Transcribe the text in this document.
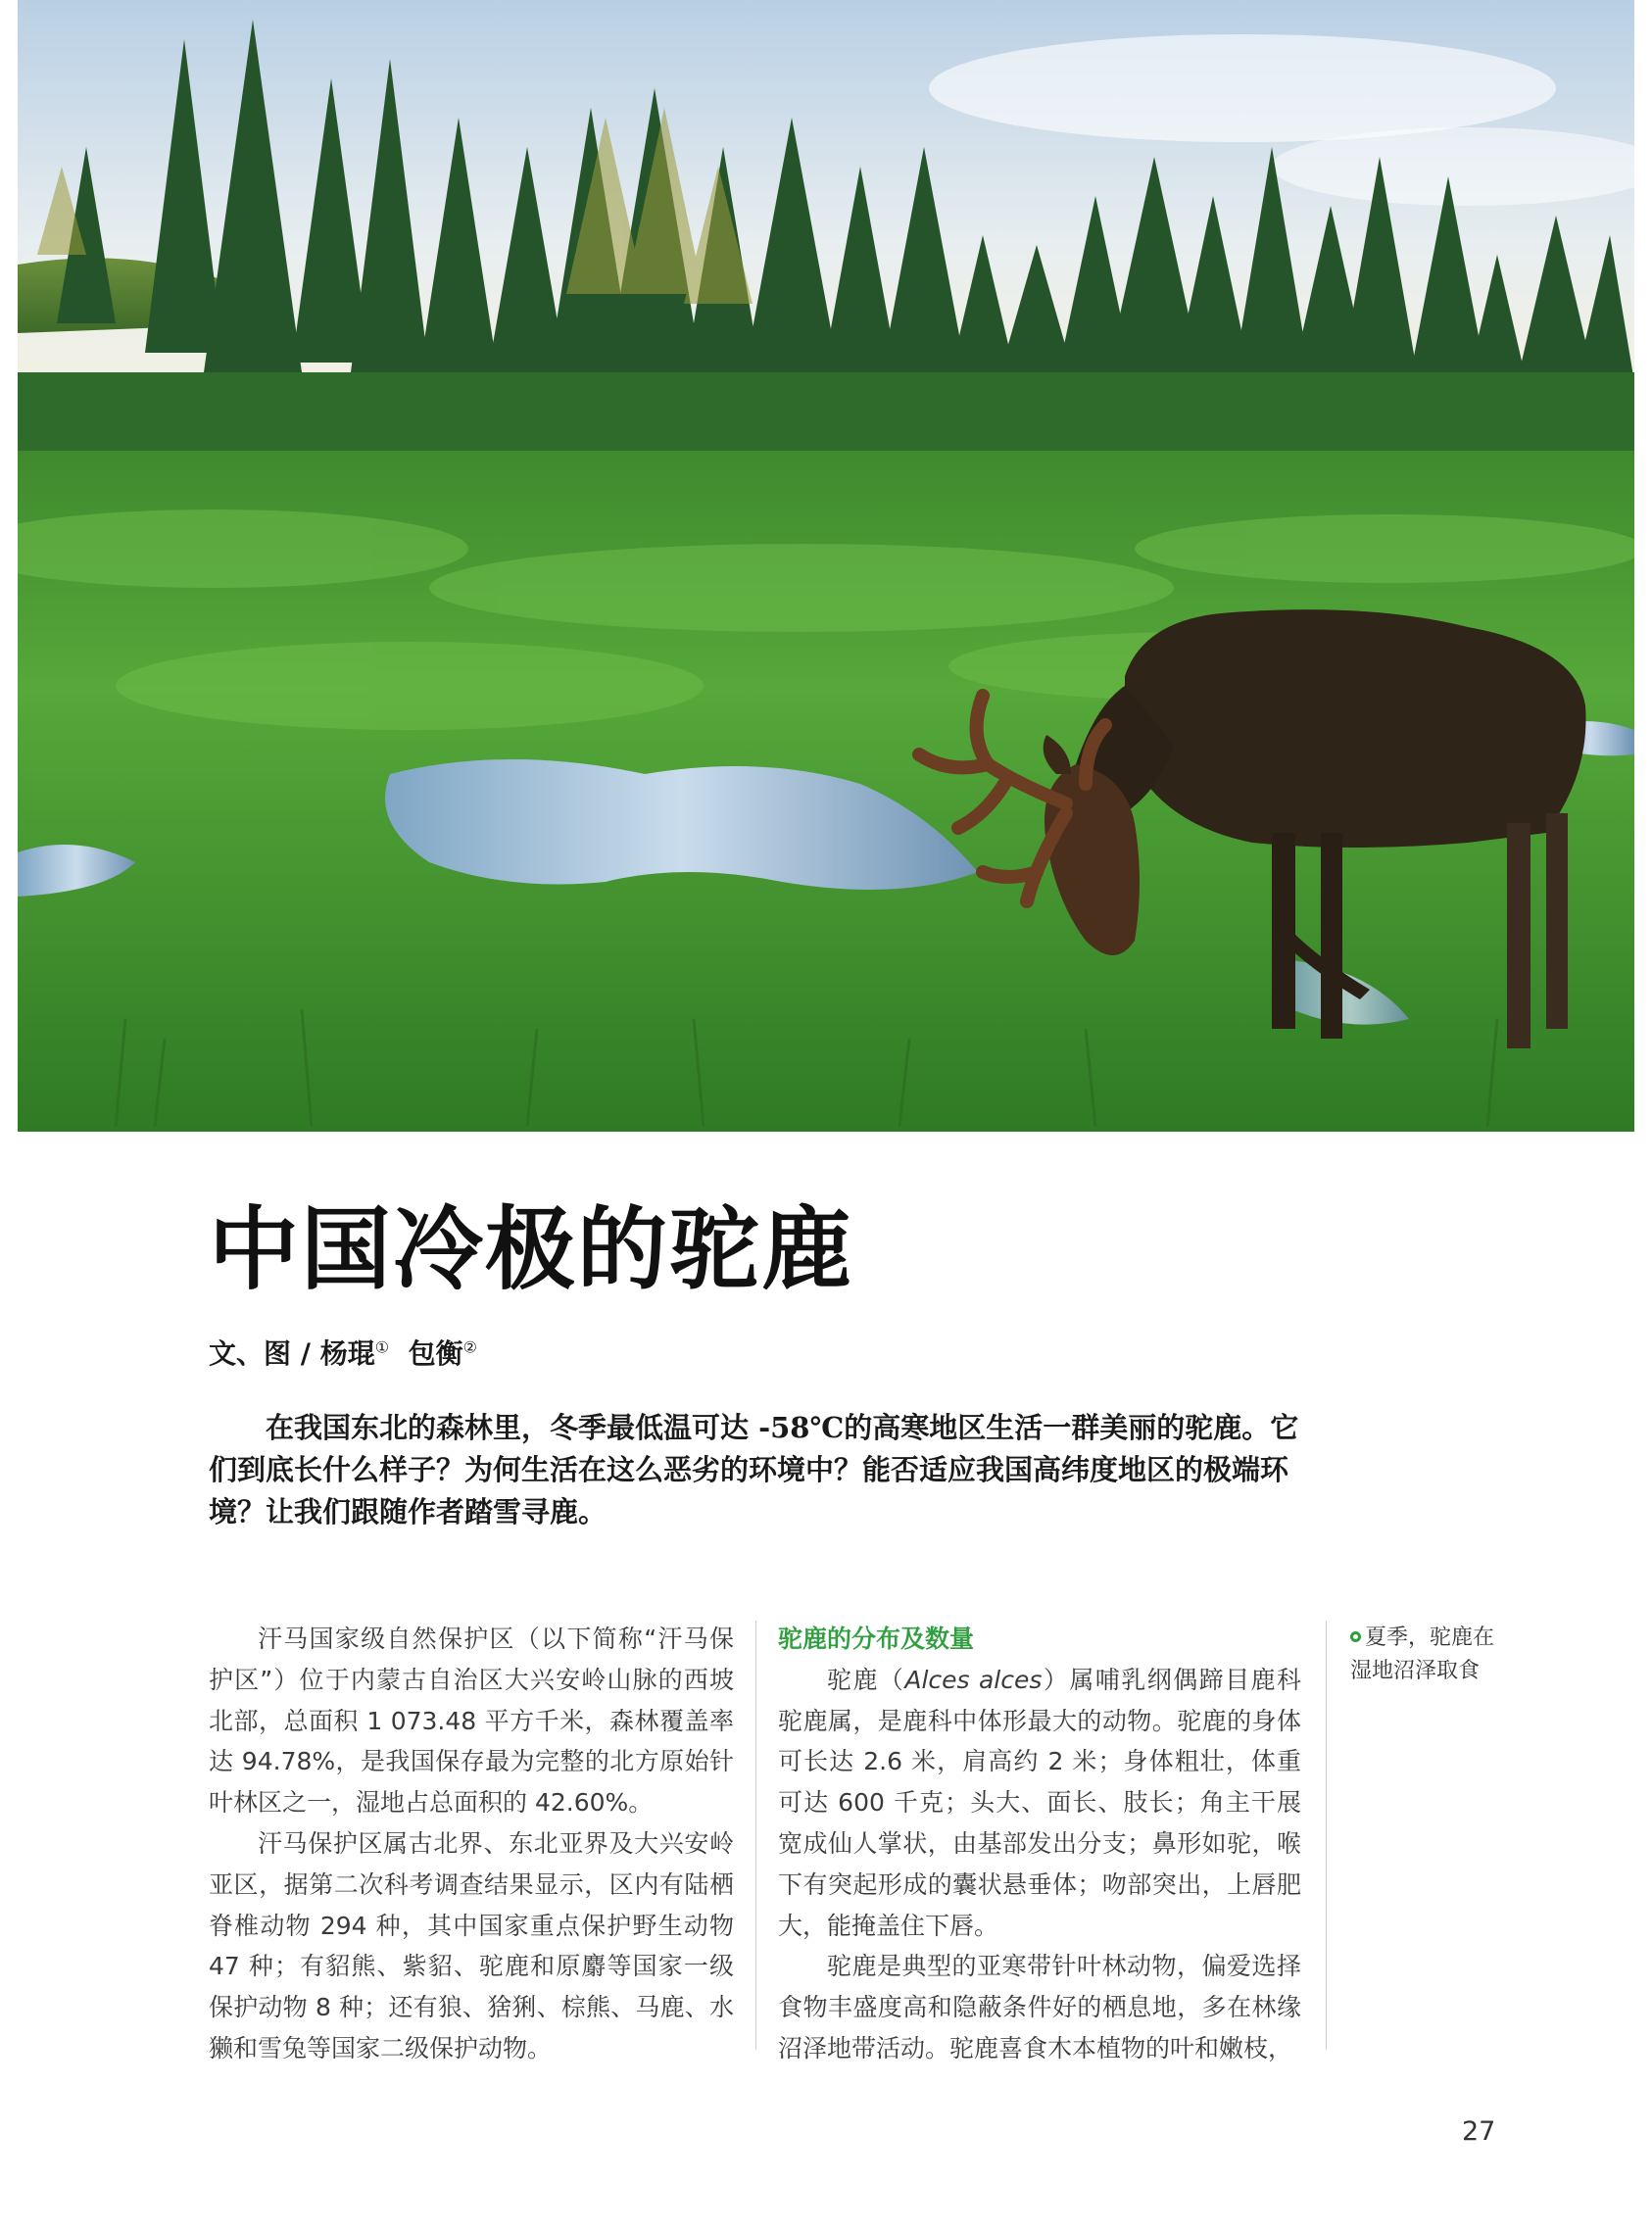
中国冷极的驼鹿
文、图 / 杨琨① 包衡②

在我国东北的森林里，冬季最低温可达 -58℃的高寒地区生活一群美丽的驼鹿。它们到底长什么样子？为何生活在这么恶劣的环境中？能否适应我国高纬度地区的极端环境？让我们跟随作者踏雪寻鹿。

汗马国家级自然保护区（以下简称“汗马保护区”）位于内蒙古自治区大兴安岭山脉的西坡北部，总面积 1 073.48 平方千米，森林覆盖率达 94.78%，是我国保存最为完整的北方原始针叶林区之一，湿地占总面积的 42.60%。

汗马保护区属古北界、东北亚界及大兴安岭亚区，据第二次科考调查结果显示，区内有陆栖脊椎动物 294 种，其中国家重点保护野生动物 47 种；有貂熊、紫貂、驼鹿和原麝等国家一级保护动物 8 种；还有狼、猞猁、棕熊、马鹿、水獭和雪兔等国家二级保护动物。

驼鹿的分布及数量

驼鹿（Alces alces）属哺乳纲偶蹄目鹿科驼鹿属，是鹿科中体形最大的动物。驼鹿的身体可长达 2.6 米，肩高约 2 米；身体粗壮，体重可达 600 千克；头大、面长、肢长；角主干展宽成仙人掌状，由基部发出分支；鼻形如驼，喉下有突起形成的囊状悬垂体；吻部突出，上唇肥大，能掩盖住下唇。

驼鹿是典型的亚寒带针叶林动物，偏爱选择食物丰盛度高和隐蔽条件好的栖息地，多在林缘沼泽地带活动。驼鹿喜食木本植物的叶和嫩枝，

夏季，驼鹿在湿地沼泽取食
27
